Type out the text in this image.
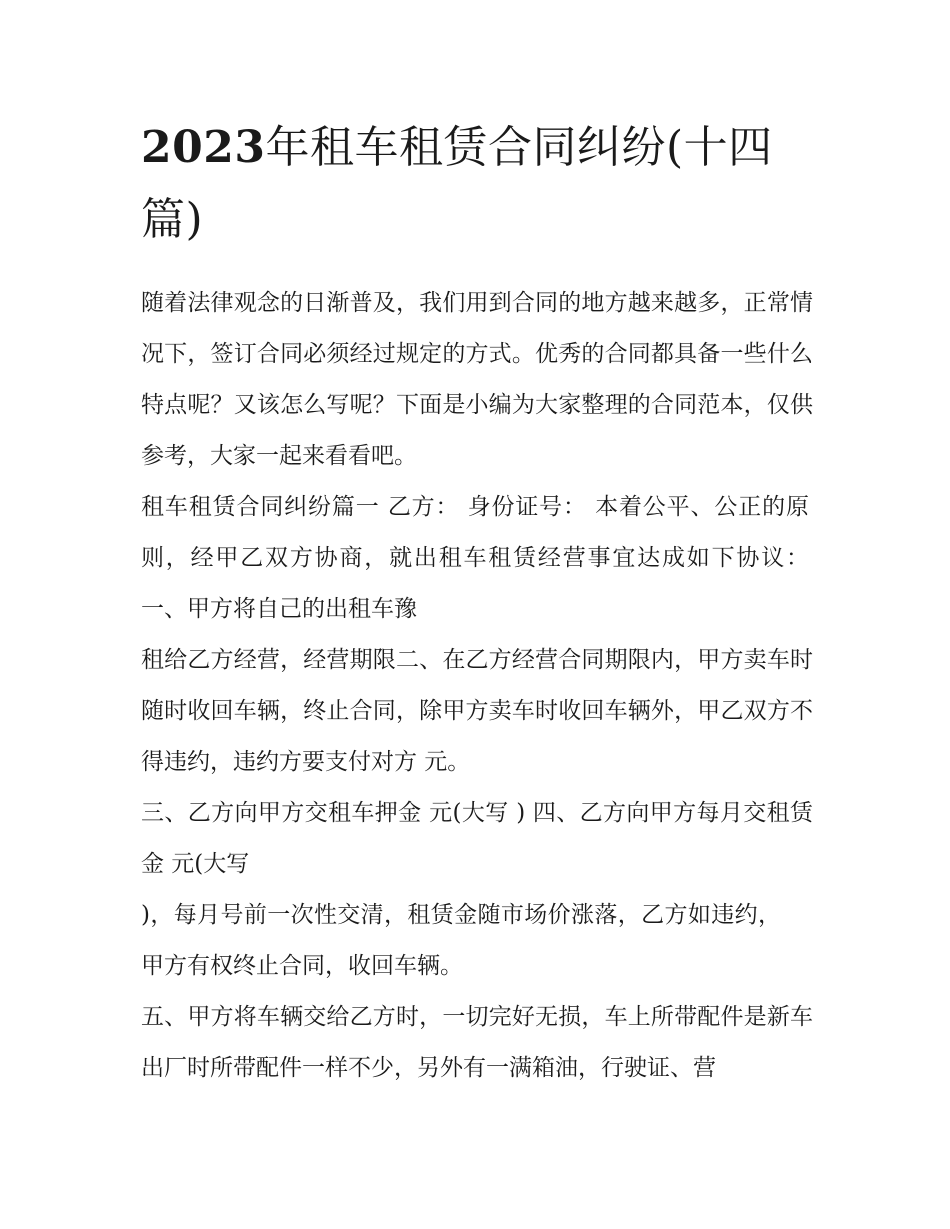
2023年租车租赁合同纠纷(十四篇)

随着法律观念的日渐普及，我们用到合同的地方越来越多，正常情况下，签订合同必须经过规定的方式。优秀的合同都具备一些什么特点呢？又该怎么写呢？下面是小编为大家整理的合同范本，仅供参考，大家一起来看看吧。

租车租赁合同纠纷篇一 乙方： 身份证号： 本着公平、公正的原则，经甲乙双方协商，就出租车租赁经营事宜达成如下协议： 一、甲方将自己的出租车豫

租给乙方经营，经营期限二、在乙方经营合同期限内，甲方卖车时随时收回车辆，终止合同，除甲方卖车时收回车辆外，甲乙双方不得违约，违约方要支付对方 元。

三、乙方向甲方交租车押金 元(大写 ) 四、乙方向甲方每月交租赁金 元(大写

)，每月号前一次性交清，租赁金随市场价涨落，乙方如违约，甲方有权终止合同，收回车辆。

五、甲方将车辆交给乙方时，一切完好无损，车上所带配件是新车出厂时所带配件一样不少，另外有一满箱油，行驶证、营
